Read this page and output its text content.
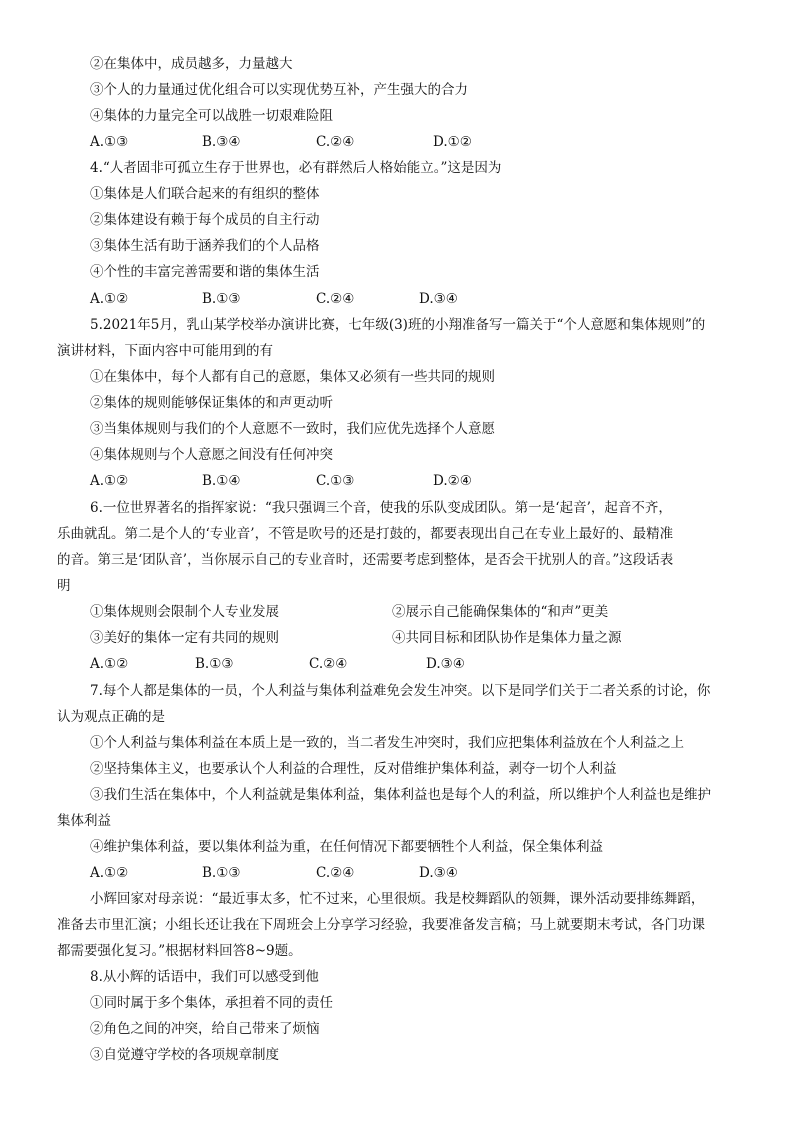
②在集体中，成员越多，力量越大
③个人的力量通过优化组合可以实现优势互补，产生强大的合力
④集体的力量完全可以战胜一切艰难险阻
A.①③	B.③④	C.②④	D.①②
4.“人者固非可孤立生存于世界也，必有群然后人格始能立。”这是因为
①集体是人们联合起来的有组织的整体
②集体建设有赖于每个成员的自主行动
③集体生活有助于涵养我们的个人品格
④个性的丰富完善需要和谐的集体生活
A.①②	B.①③	C.②④	D.③④
5.2021年5月，乳山某学校举办演讲比赛，七年级(3)班的小翔准备写一篇关于“个人意愿和集体规则”的
演讲材料，下面内容中可能用到的有
①在集体中，每个人都有自己的意愿，集体又必须有一些共同的规则
②集体的规则能够保证集体的和声更动听
③当集体规则与我们的个人意愿不一致时，我们应优先选择个人意愿
④集体规则与个人意愿之间没有任何冲突
A.①②	B.①④	C.①③	D.②④
6.一位世界著名的指挥家说：“我只强调三个音，使我的乐队变成团队。第一是‘起音’，起音不齐，
乐曲就乱。第二是个人的‘专业音’，不管是吹号的还是打鼓的，都要表现出自己在专业上最好的、最精准
的音。第三是‘团队音’，当你展示自己的专业音时，还需要考虑到整体，是否会干扰别人的音。”这段话表
明
①集体规则会限制个人专业发展	②展示自己能确保集体的“和声”更美
③美好的集体一定有共同的规则	④共同目标和团队协作是集体力量之源
A.①②	B.①③	C.②④	D.③④
7.每个人都是集体的一员，个人利益与集体利益难免会发生冲突。以下是同学们关于二者关系的讨论，你
认为观点正确的是
①个人利益与集体利益在本质上是一致的，当二者发生冲突时，我们应把集体利益放在个人利益之上
②坚持集体主义，也要承认个人利益的合理性，反对借维护集体利益，剥夺一切个人利益
③我们生活在集体中，个人利益就是集体利益，集体利益也是每个人的利益，所以维护个人利益也是维护
集体利益
④维护集体利益，要以集体利益为重，在任何情况下都要牺牲个人利益，保全集体利益
A.①②	B.①③	C.②④	D.③④
小辉回家对母亲说：“最近事太多，忙不过来，心里很烦。我是校舞蹈队的领舞，课外活动要排练舞蹈，
准备去市里汇演；小组长还让我在下周班会上分享学习经验，我要准备发言稿；马上就要期末考试，各门功课
都需要强化复习。”根据材料回答8~9题。
8.从小辉的话语中，我们可以感受到他
①同时属于多个集体，承担着不同的责任
②角色之间的冲突，给自己带来了烦恼
③自觉遵守学校的各项规章制度
